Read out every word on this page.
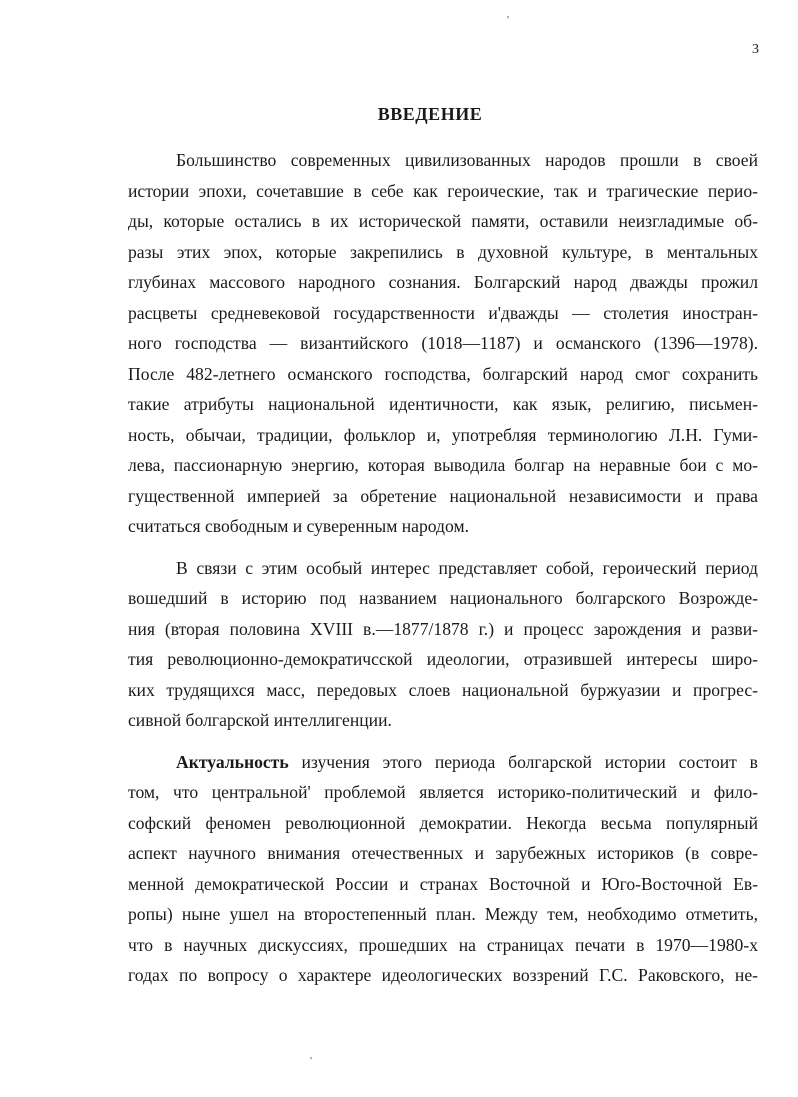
'
3
ВВЕДЕНИЕ
Большинство современных цивилизованных народов прошли в своей
истории эпохи, сочетавшие в себе как героические, так и трагические перио-
ды, которые остались в их исторической памяти, оставили неизгладимые об-
разы этих эпох, которые закрепились в духовной культуре, в ментальных
глубинах массового народного сознания. Болгарский народ дважды прожил
расцветы средневековой государственности и'дважды — столетия иностран-
ного господства — византийского (1018—1187) и османского (1396—1978).
После 482-летнего османского господства, болгарский народ смог сохранить
такие атрибуты национальной идентичности, как язык, религию, письмен-
ность, обычаи, традиции, фольклор и, употребляя терминологию Л.Н. Гуми-
лева, пассионарную энергию, которая выводила болгар на неравные бои с мо-
гущественной империей за обретение национальной независимости и права
считаться свободным и суверенным народом.
В связи с этим особый интерес представляет собой, героический период
вошедший в историю под названием национального болгарского Возрожде-
ния (вторая половина XVIII в.—1877/1878 г.) и процесс зарождения и разви-
тия революционно-демократичсской идеологии, отразившей интересы широ-
ких трудящихся масс, передовых слоев национальной буржуазии и прогрес-
сивной болгарской интеллигенции.
Актуальность изучения этого периода болгарской истории состоит в
том, что центральной' проблемой является историко-политический и фило-
софский феномен революционной демократии. Некогда весьма популярный
аспект научного внимания отечественных и зарубежных историков (в совре-
менной демократической России и странах Восточной и Юго-Восточной Ев-
ропы) ныне ушел на второстепенный план. Между тем, необходимо отметить,
что в научных дискуссиях, прошедших на страницах печати в 1970—1980-х
годах по вопросу о характере идеологических воззрений Г.С. Раковского, не-
'
